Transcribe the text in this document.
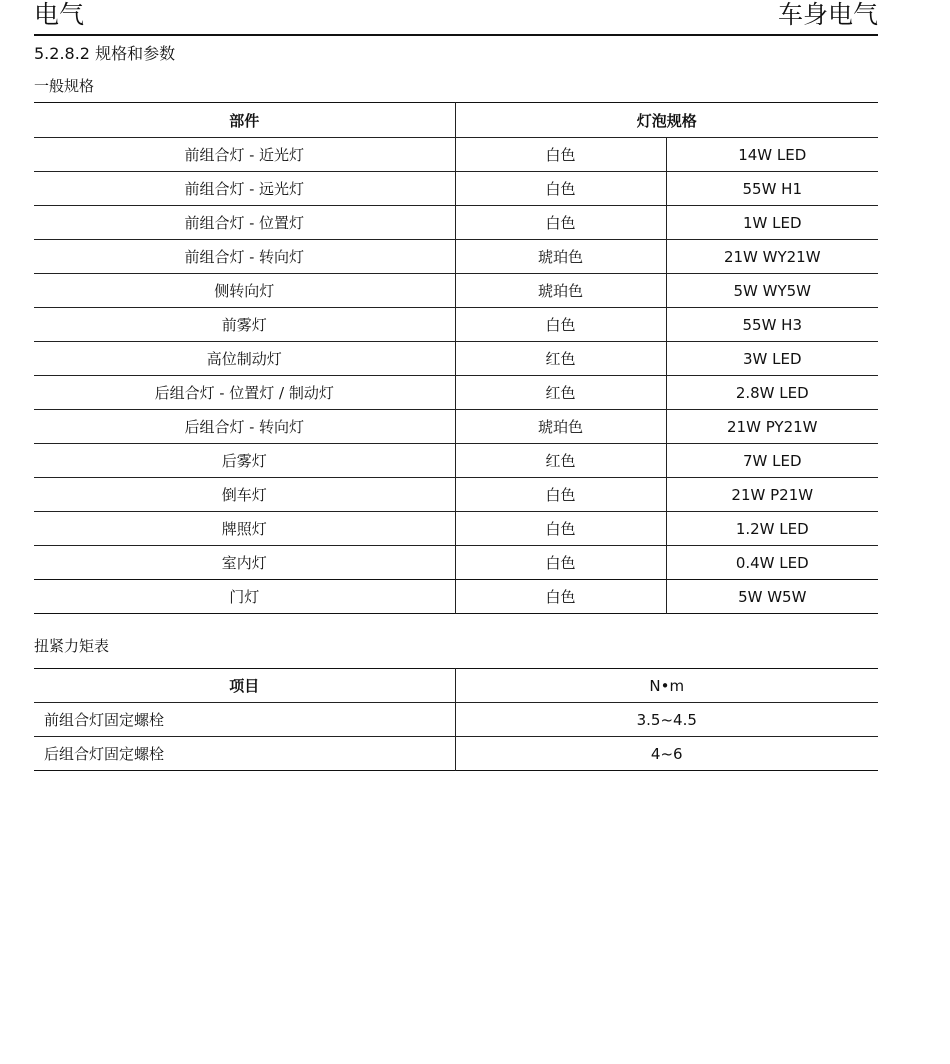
电气	车身电气
5.2.8.2 规格和参数
一般规格
部件	灯泡规格	
前组合灯 - 近光灯	白色	14W LED
前组合灯 - 远光灯	白色	55W H1
前组合灯 - 位置灯	白色	1W LED
前组合灯 - 转向灯	琥珀色	21W WY21W
侧转向灯	琥珀色	5W WY5W
前雾灯	白色	55W H3
高位制动灯	红色	3W LED
后组合灯 - 位置灯 / 制动灯	红色	2.8W LED
后组合灯 - 转向灯	琥珀色	21W PY21W
后雾灯	红色	7W LED
倒车灯	白色	21W P21W
牌照灯	白色	1.2W LED
室内灯	白色	0.4W LED
门灯	白色	5W W5W
扭紧力矩表
项目	N•m
前组合灯固定螺栓	3.5~4.5
后组合灯固定螺栓	4~6
